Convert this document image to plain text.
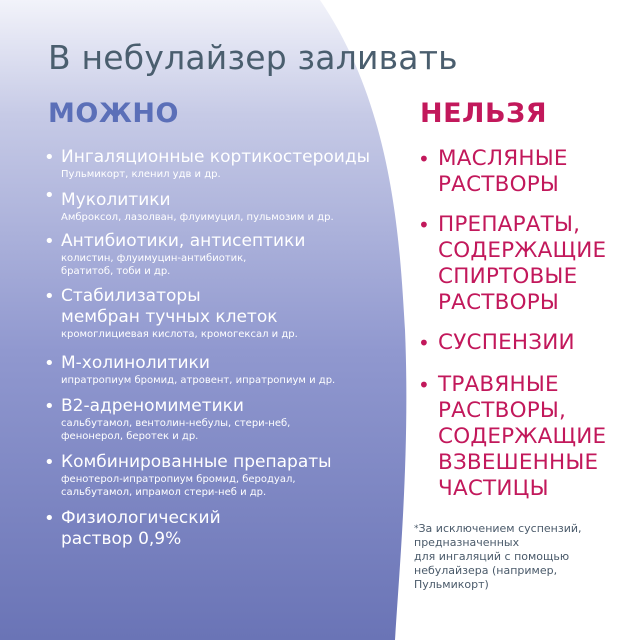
В небулайзер заливать
МОЖНО	НЕЛЬЗЯ
• Ингаляционные кортикостероиды
Пульмикорт, кленил удв и др.
• Муколитики
Амброксол, лазолван, флуимуцил, пульмозим и др.
• Антибиотики, антисептики
колистин, флуимуцин-антибиотик,
братитоб, тоби и др.
• Стабилизаторы
мембран тучных клеток
кромоглициевая кислота, кромогексал и др.
• М-холинолитики
ипратропиум бромид, атровент, ипратропиум и др.
• В2-адреномиметики
сальбутамол, вентолин-небулы, стери-неб,
фенонерол, беротек и др.
• Комбинированные препараты
фенотерол-ипратропиум бромид, беродуал,
сальбутамол, ипрамол стери-неб и др.
• Физиологический
раствор 0,9%
• МАСЛЯНЫЕ
РАСТВОРЫ
• ПРЕПАРАТЫ,
СОДЕРЖАЩИЕ
СПИРТОВЫЕ
РАСТВОРЫ
• СУСПЕНЗИИ
• ТРАВЯНЫЕ
РАСТВОРЫ,
СОДЕРЖАЩИЕ
ВЗВЕШЕННЫЕ
ЧАСТИЦЫ

*За исключением суспензий,
предназначенных
для ингаляций с помощью
небулайзера (например,
Пульмикорт)
